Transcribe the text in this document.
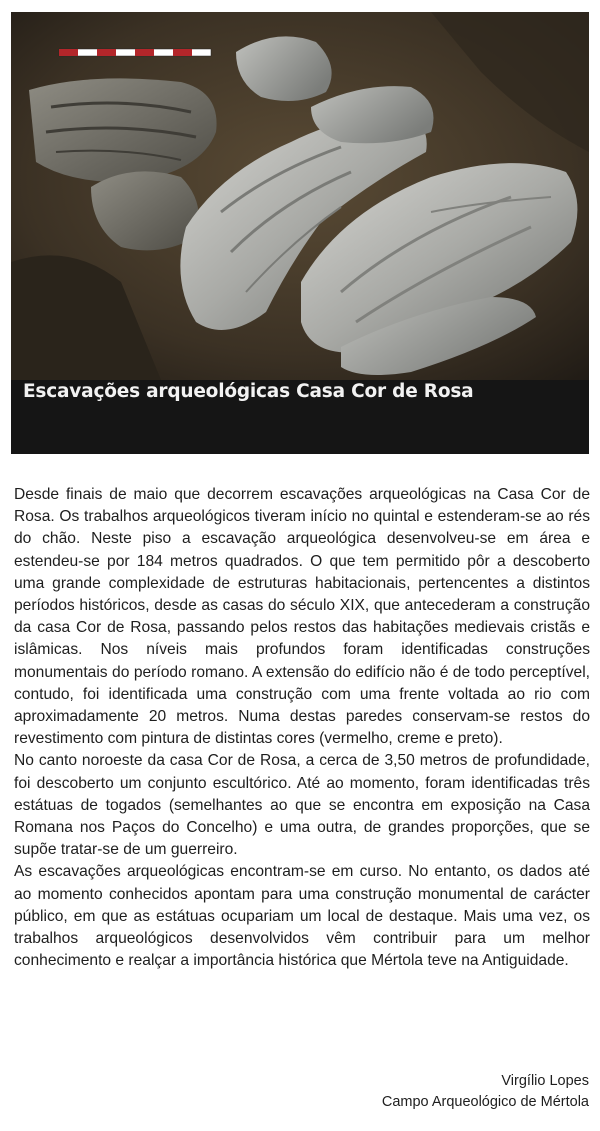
Escavações arqueológicas Casa Cor de Rosa

Desde finais de maio que decorrem escavações arqueológicas na Casa Cor de Rosa. Os trabalhos arqueológicos tiveram início no quintal e estenderam-se ao rés do chão. Neste piso a escavação arqueológica desenvolveu-se em área e estendeu-se por 184 metros quadrados. O que tem permitido pôr a descoberto uma grande complexidade de estruturas habitacionais, pertencentes a distintos períodos históricos, desde as casas do século XIX, que antecederam a construção da casa Cor de Rosa, passando pelos restos das habitações medievais cristãs e islâmicas. Nos níveis mais profundos foram identificadas construções monumentais do período romano. A extensão do edifício não é de todo perceptível, contudo, foi identificada uma construção com uma frente voltada ao rio com aproximadamente 20 metros. Numa destas paredes conservam-se restos do revestimento com pintura de distintas cores (vermelho, creme e preto).

No canto noroeste da casa Cor de Rosa, a cerca de 3,50 metros de profundidade, foi descoberto um conjunto escultórico. Até ao momento, foram identificadas três estátuas de togados (semelhantes ao que se encontra em exposição na Casa Romana nos Paços do Concelho) e uma outra, de grandes proporções, que se supõe tratar-se de um guerreiro.

As escavações arqueológicas encontram-se em curso. No entanto, os dados até ao momento conhecidos apontam para uma construção monumental de carácter público, em que as estátuas ocupariam um local de destaque. Mais uma vez, os trabalhos arqueológicos desenvolvidos vêm contribuir para um melhor conhecimento e realçar a importância histórica que Mértola teve na Antiguidade.

Virgílio Lopes
Campo Arqueológico de Mértola
